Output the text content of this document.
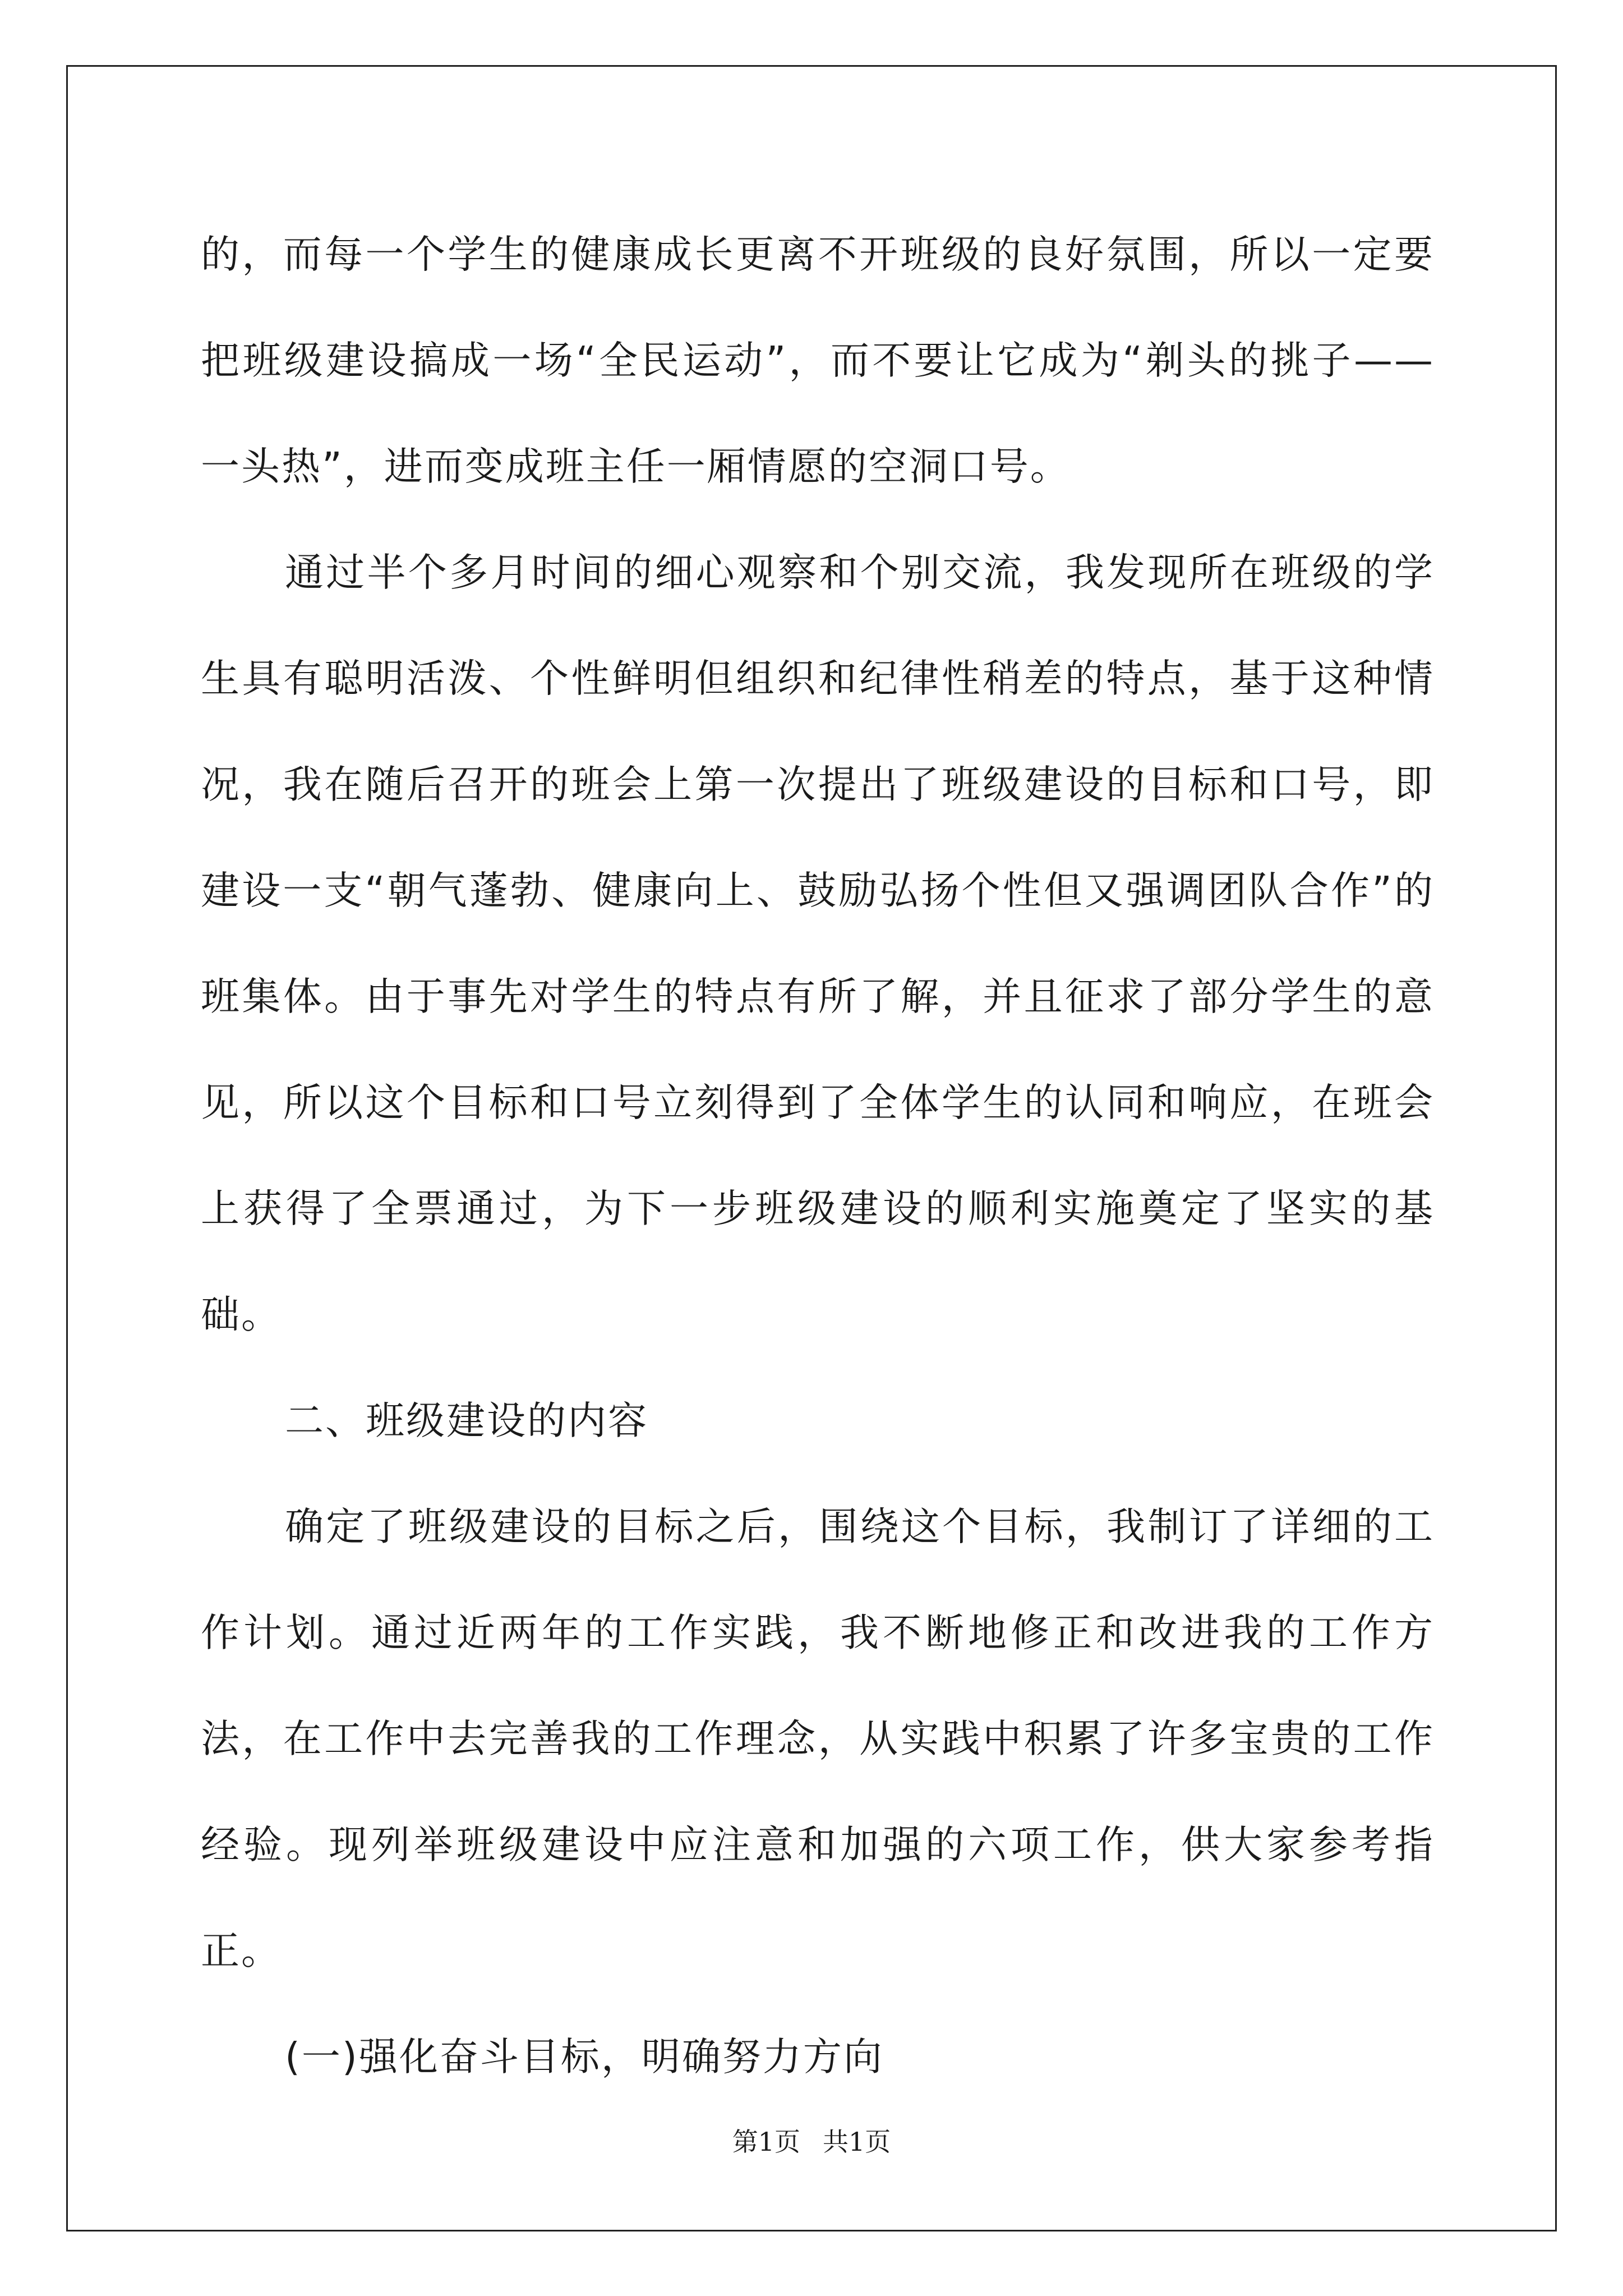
的，而每一个学生的健康成长更离不开班级的良好氛围，所以一定要把班级建设搞成一场“全民运动”，而不要让它成为“剃头的挑子——一头热”，进而变成班主任一厢情愿的空洞口号。

通过半个多月时间的细心观察和个别交流，我发现所在班级的学生具有聪明活泼、个性鲜明但组织和纪律性稍差的特点，基于这种情况，我在随后召开的班会上第一次提出了班级建设的目标和口号，即建设一支“朝气蓬勃、健康向上、鼓励弘扬个性但又强调团队合作”的班集体。由于事先对学生的特点有所了解，并且征求了部分学生的意见，所以这个目标和口号立刻得到了全体学生的认同和响应，在班会上获得了全票通过，为下一步班级建设的顺利实施奠定了坚实的基础。

二、班级建设的内容

确定了班级建设的目标之后，围绕这个目标，我制订了详细的工作计划。通过近两年的工作实践，我不断地修正和改进我的工作方法，在工作中去完善我的工作理念，从实践中积累了许多宝贵的工作经验。现列举班级建设中应注意和加强的六项工作，供大家参考指正。

(一)强化奋斗目标，明确努力方向

第1页 共1页
